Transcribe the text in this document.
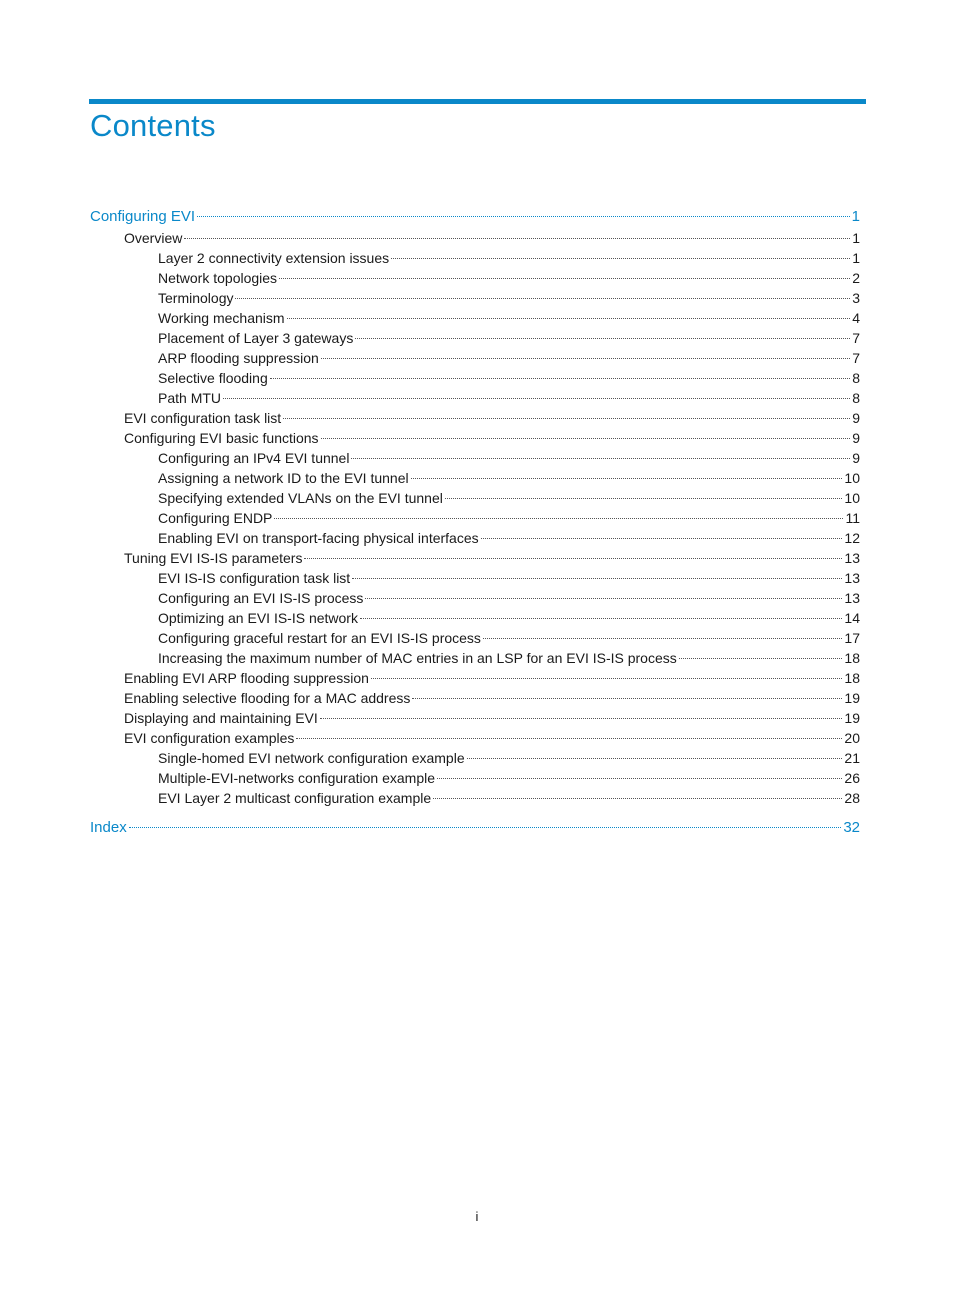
Contents
Configuring EVI	1
Overview	1
Layer 2 connectivity extension issues	1
Network topologies	2
Terminology	3
Working mechanism	4
Placement of Layer 3 gateways	7
ARP flooding suppression	7
Selective flooding	8
Path MTU	8
EVI configuration task list	9
Configuring EVI basic functions	9
Configuring an IPv4 EVI tunnel	9
Assigning a network ID to the EVI tunnel	10
Specifying extended VLANs on the EVI tunnel	10
Configuring ENDP	11
Enabling EVI on transport-facing physical interfaces	12
Tuning EVI IS-IS parameters	13
EVI IS-IS configuration task list	13
Configuring an EVI IS-IS process	13
Optimizing an EVI IS-IS network	14
Configuring graceful restart for an EVI IS-IS process	17
Increasing the maximum number of MAC entries in an LSP for an EVI IS-IS process	18
Enabling EVI ARP flooding suppression	18
Enabling selective flooding for a MAC address	19
Displaying and maintaining EVI	19
EVI configuration examples	20
Single-homed EVI network configuration example	21
Multiple-EVI-networks configuration example	26
EVI Layer 2 multicast configuration example	28
Index	32
i
